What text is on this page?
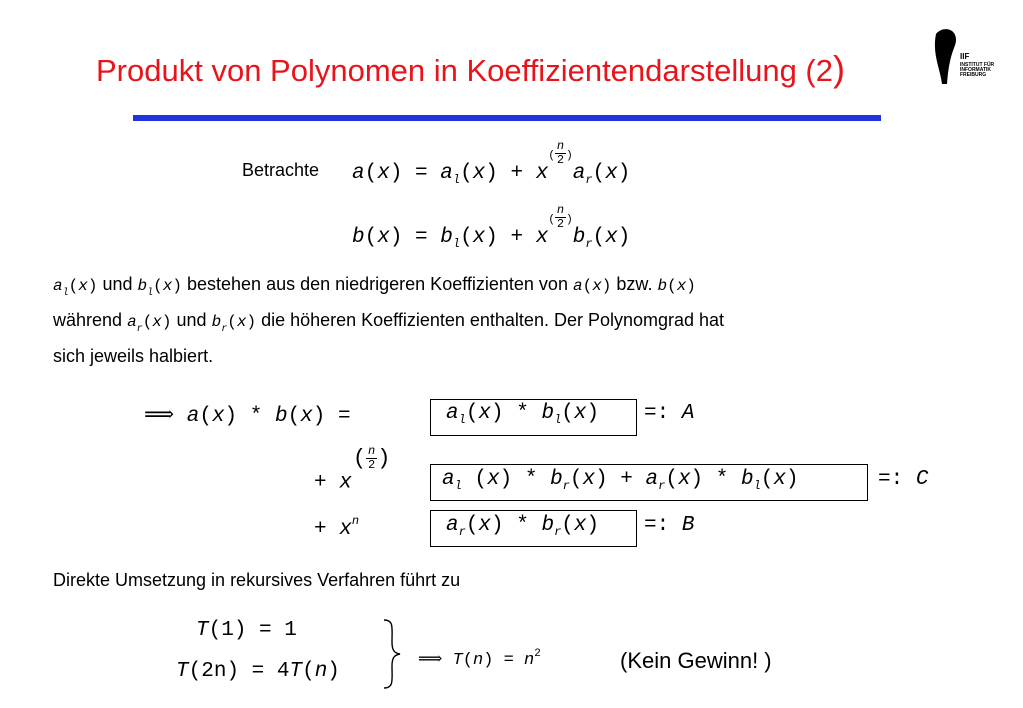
Produkt von Polynomen in Koeffizientendarstellung (2)	IIF
INSTITUT FÜR
INFORMATIK
FREIBURG
Betrachte $a(x) = a_l(x) + x^{( \frac{n}{2} )}a_r(x)$
$b(x) = b_l(x) + x^{( \frac{n}{2} )}b_r(x)$
$a_l(x)$ und $b_l(x)$ bestehen aus den niedrigeren Koeffizienten von a(x) bzw. b(x)
während $a_r(x)$ und $b_r(x)$ die höheren Koeffizienten enthalten. Der Polynomgrad hat
sich jeweils halbiert.
⟹ a(x) * b(x) =	$a_l(x) * b_l(x)$ =: A
+ $x( \frac{n}{2}$ )
$a_l$ $(x) * b_r(x) + a_r(x) * b_l(x)$	=: C
+ $x^n$	$a_r(x) * b_r(x)$ =: B
Direkte Umsetzung in rekursives Verfahren führt zu
T(1) = 1
T(2n) = 4T(n)
⟹ $T(n) = n^2$	(Kein Gewinn! )
